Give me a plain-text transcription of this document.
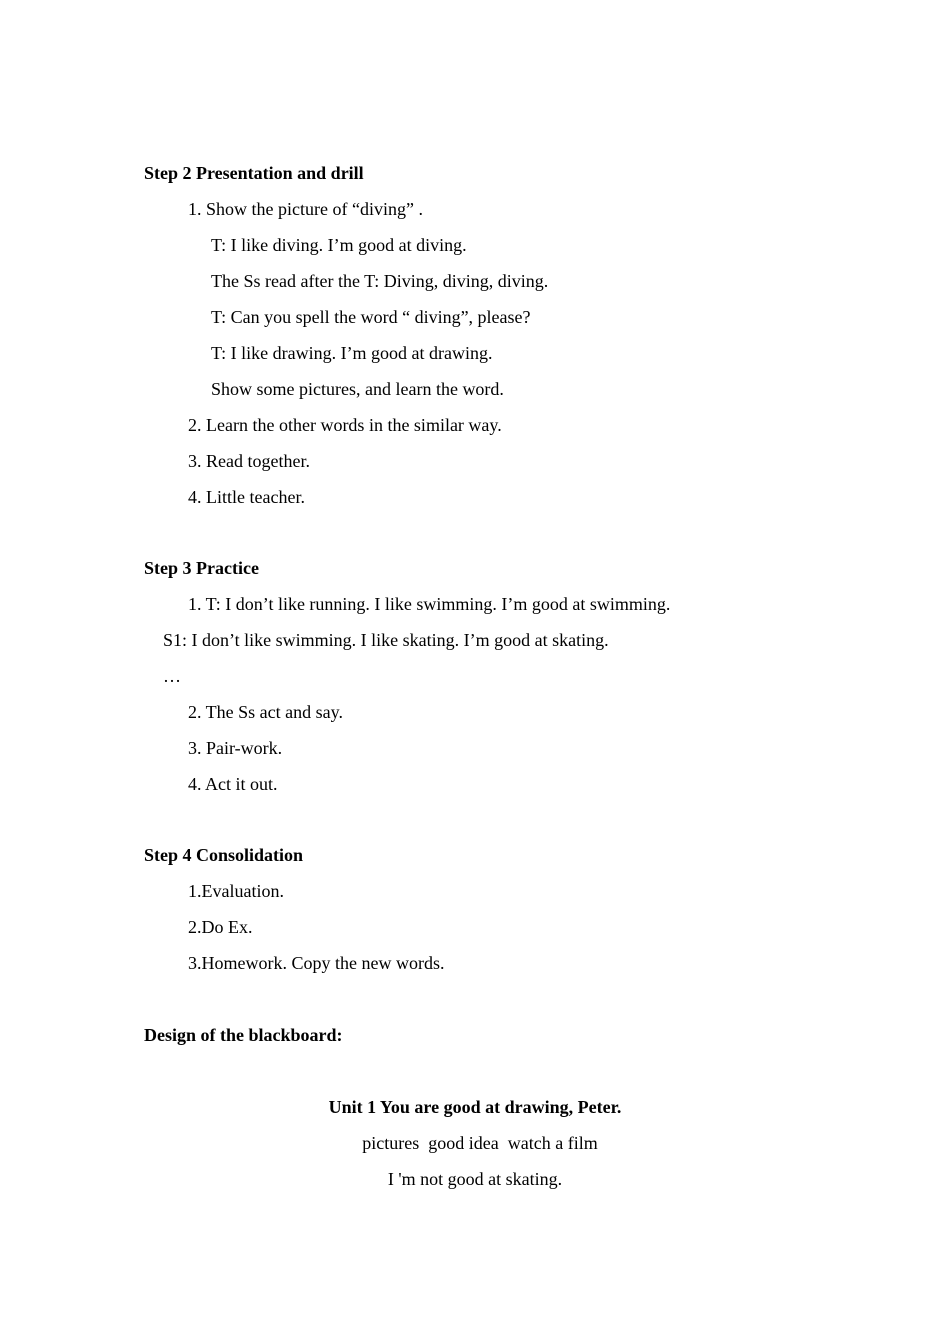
Step 2 Presentation and drill
1. Show the picture of “diving” .
T: I like diving. I’m good at diving.
The Ss read after the T: Diving, diving, diving.
T: Can you spell the word “ diving”, please?
T: I like drawing. I’m good at drawing.
Show some pictures, and learn the word.
2. Learn the other words in the similar way.
3. Read together.
4. Little teacher.
Step 3 Practice
1. T: I don’t like running. I like swimming. I’m good at swimming.
S1: I don’t like swimming. I like skating. I’m good at skating.
…
2. The Ss act and say.
3. Pair-work.
4. Act it out.
Step 4 Consolidation
1.Evaluation.
2.Do Ex.
3.Homework. Copy the new words.
Design of the blackboard:
Unit 1 You are good at drawing, Peter.
pictures  good idea  watch a film
I 'm not good at skating.
